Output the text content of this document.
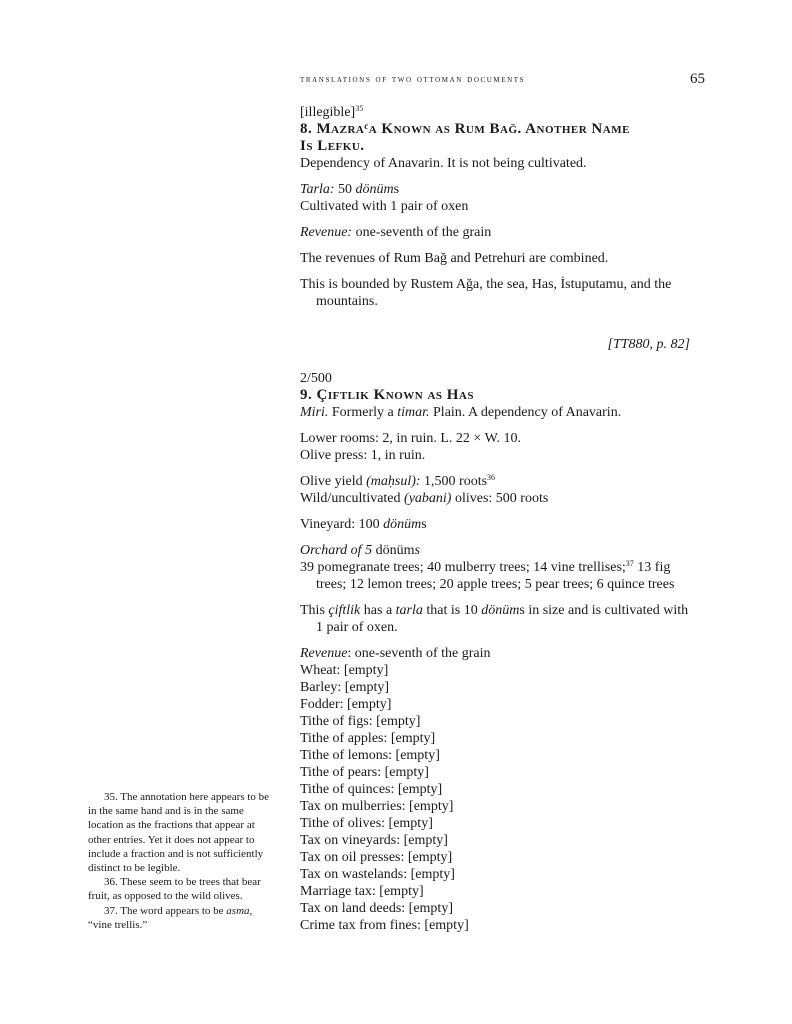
translations of two ottoman documents	65

[illegible]$^{35}$

8. Mazraᶜa Known as Rum Bağ. Another Name
Is Lefku.

Dependency of Anavarin. It is not being cultivated.

Tarla: 50 dönüms

Cultivated with 1 pair of oxen

Revenue: one-seventh of the grain

The revenues of Rum Bağ and Petrehuri are combined.

This is bounded by Rustem Ağa, the sea, Has, İstuputamu, and the mountains.

[TT880, p. 82]

2/500

9. Çiftlik Known as Has

Miri. Formerly a timar. Plain. A dependency of Anavarin.

Lower rooms: 2, in ruin. L. 22 × W. 10.

Olive press: 1, in ruin.

Olive yield (maḥsul): 1,500 roots$^{36}$

Wild/uncultivated (yabani) olives: 500 roots

Vineyard: 100 dönüms

Orchard of 5 dönüms

39 pomegranate trees; 40 mulberry trees; 14 vine trellises;$^{37}$ 13 fig trees; 12 lemon trees; 20 apple trees; 5 pear trees; 6 quince trees

This çiftlik has a tarla that is 10 dönüms in size and is cultivated with 1 pair of oxen.

Revenue: one-seventh of the grain

Wheat: [empty]

Barley: [empty]

Fodder: [empty]

Tithe of figs: [empty]

Tithe of apples: [empty]

Tithe of lemons: [empty]

Tithe of pears: [empty]

Tithe of quinces: [empty]

Tax on mulberries: [empty]

Tithe of olives: [empty]

Tax on vineyards: [empty]

Tax on oil presses: [empty]

Tax on wastelands: [empty]

Marriage tax: [empty]

Tax on land deeds: [empty]

Crime tax from fines: [empty]

35. The annotation here appears to be in the same hand and is in the same location as the fractions that appear at other entries. Yet it does not appear to include a fraction and is not sufficiently distinct to be legible.

36. These seem to be trees that bear fruit, as opposed to the wild olives.

37. The word appears to be asma, “vine trellis.”
